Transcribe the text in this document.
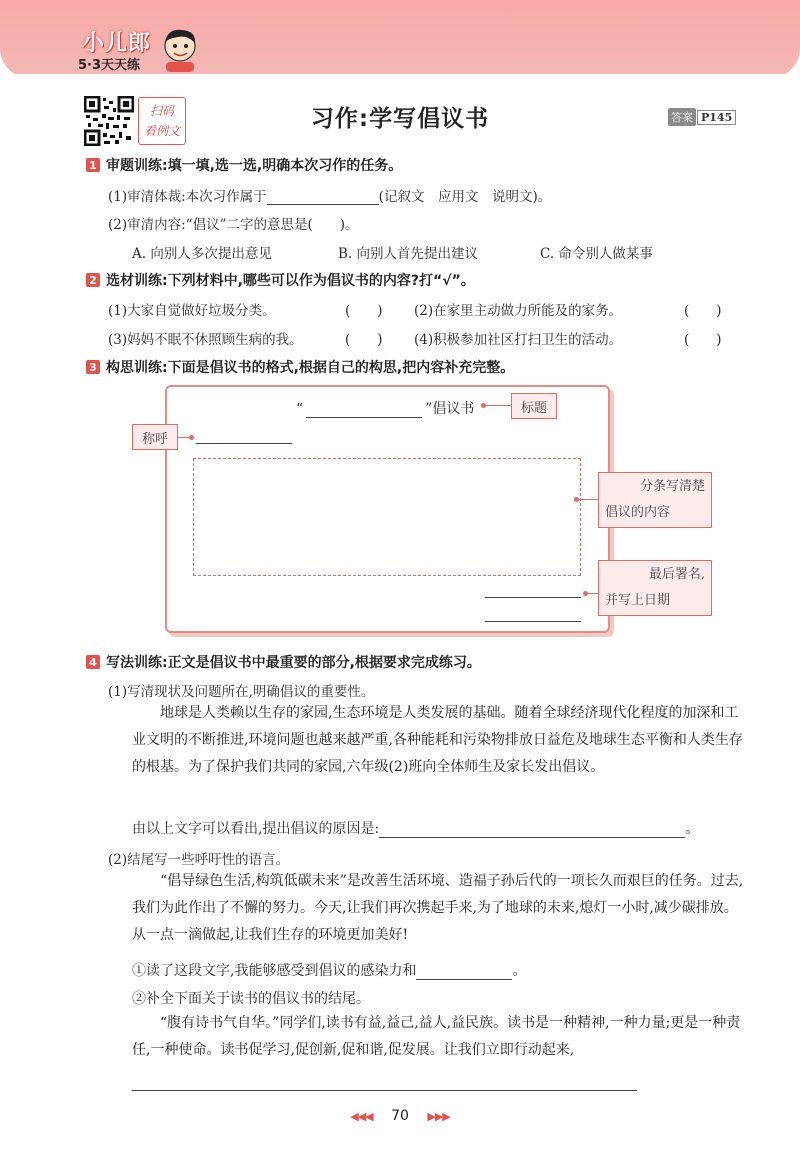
小儿郎
5·3天天练
扫码
看例文	习作:学写倡议书	答案 P145
1 审题训练:填一填,选一选,明确本次习作的任务。
(1)审清体裁:本次习作属于	(记叙文　应用文　说明文)。
(2)审清内容:“倡议”二字的意思是(　　)。
A. 向别人多次提出意见	B. 向别人首先提出建议	C. 命令别人做某事
2 选材训练:下列材料中,哪些可以作为倡议书的内容?打“√”。
(1)大家自觉做好垃圾分类。	(　　) (2)在家里主动做力所能及的家务。	(　　)
(3)妈妈不眠不休照顾生病的我。	(　　) (4)积极参加社区打扫卫生的活动。	(　　)
3 构思训练:下面是倡议书的格式,根据自己的构思,把内容补充完整。
“	”倡议书	标题
称呼
分条写清楚
倡议的内容
最后署名,
并写上日期
4 写法训练:正文是倡议书中最重要的部分,根据要求完成练习。
(1)写清现状及问题所在,明确倡议的重要性。
地球是人类赖以生存的家园,生态环境是人类发展的基础。随着全球经济现代化程度的加深和工业文明的不断推进,环境问题也越来越严重,各种能耗和污染物排放日益危及地球生态平衡和人类生存的根基。为了保护我们共同的家园,六年级(2)班向全体师生及家长发出倡议。
由以上文字可以看出,提出倡议的原因是:	。
(2)结尾写一些呼吁性的语言。
“倡导绿色生活,构筑低碳未来”是改善生活环境、造福子孙后代的一项长久而艰巨的任务。过去,我们为此作出了不懈的努力。今天,让我们再次携起手来,为了地球的未来,熄灯一小时,减少碳排放。从一点一滴做起,让我们生存的环境更加美好!
①读了这段文字,我能够感受到倡议的感染力和	。
②补全下面关于读书的倡议书的结尾。
“腹有诗书气自华。”同学们,读书有益,益己,益人,益民族。读书是一种精神,一种力量;更是一种责任,一种使命。读书促学习,促创新,促和谐,促发展。让我们立即行动起来,
◀◀◀ 70 ▶▶▶
